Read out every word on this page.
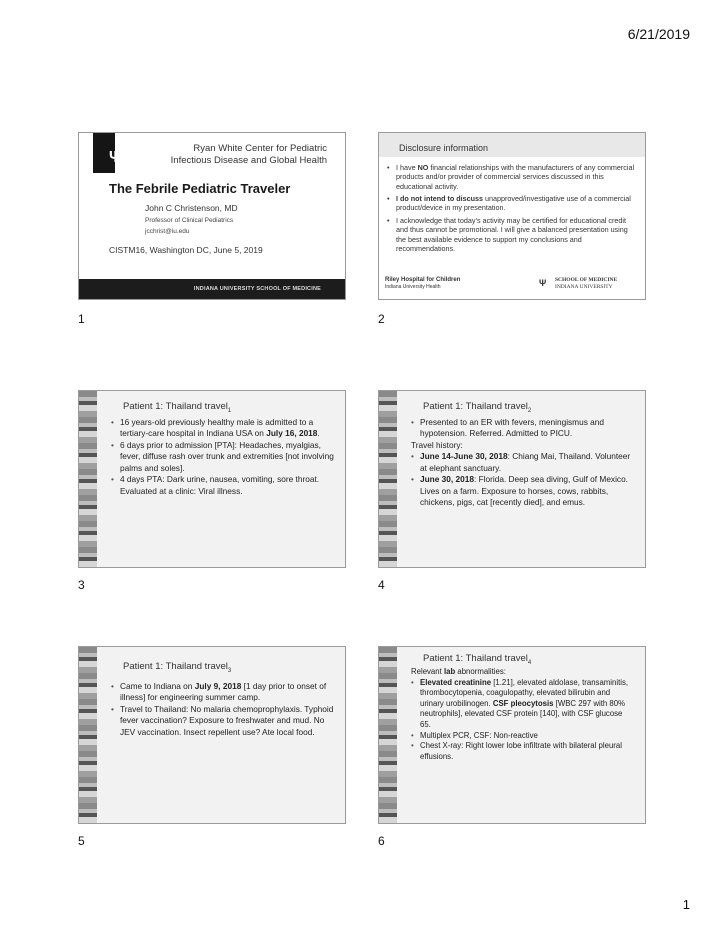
6/21/2019
Ψ
Ryan White Center for Pediatric
Infectious Disease and Global Health
The Febrile Pediatric Traveler
John C Christenson, MD
Professor of Clinical Pediatrics
jcchrist@iu.edu
CISTM16, Washington DC, June 5, 2019
INDIANA UNIVERSITY SCHOOL OF MEDICINE
1
Disclosure information
• I have NO financial relationships with the manufacturers of any commercial products and/or provider of commercial services discussed in this educational activity.
• I do not intend to discuss unapproved/investigative use of a commercial product/device in my presentation.
• I acknowledge that today’s activity may be certified for educational credit and thus cannot be promotional. I will give a balanced presentation using the best available evidence to support my conclusions and recommendations.
Riley Hospital for Children
Indiana University Health	Ψ SCHOOL OF MEDICINE
INDIANA UNIVERSITY
2
Patient 1: Thailand travel$_1$

• 16 years-old previously healthy male is admitted to a tertiary-care hospital in Indiana USA on July 16, 2018.

• 6 days prior to admission [PTA]: Headaches, myalgias, fever, diffuse rash over trunk and extremities [not involving palms and soles].

• 4 days PTA: Dark urine, nausea, vomiting, sore throat. Evaluated at a clinic: Viral illness.

3
Patient 1: Thailand travel$_2$

• Presented to an ER with fevers, meningismus and hypotension. Referred. Admitted to PICU.

Travel history:

• June 14-June 30, 2018: Chiang Mai, Thailand. Volunteer at elephant sanctuary.

• June 30, 2018: Florida. Deep sea diving, Gulf of Mexico. Lives on a farm. Exposure to horses, cows, rabbits, chickens, pigs, cat [recently died], and emus.

4
Patient 1: Thailand travel$_3$

• Came to Indiana on July 9, 2018 [1 day prior to onset of illness] for engineering summer camp.

• Travel to Thailand: No malaria chemoprophylaxis. Typhoid fever vaccination? Exposure to freshwater and mud. No JEV vaccination. Insect repellent use? Ate local food.

5
Patient 1: Thailand travel$_4$

Relevant lab abnormalities:

• Elevated creatinine [1.21], elevated aldolase, transaminitis, thrombocytopenia, coagulopathy, elevated bilirubin and urinary urobilinogen. CSF pleocytosis [WBC 297 with 80% neutrophils], elevated CSF protein [140], with CSF glucose 65.

• Multiplex PCR, CSF: Non-reactive

• Chest X-ray: Right lower lobe infiltrate with bilateral pleural effusions.

6
1
